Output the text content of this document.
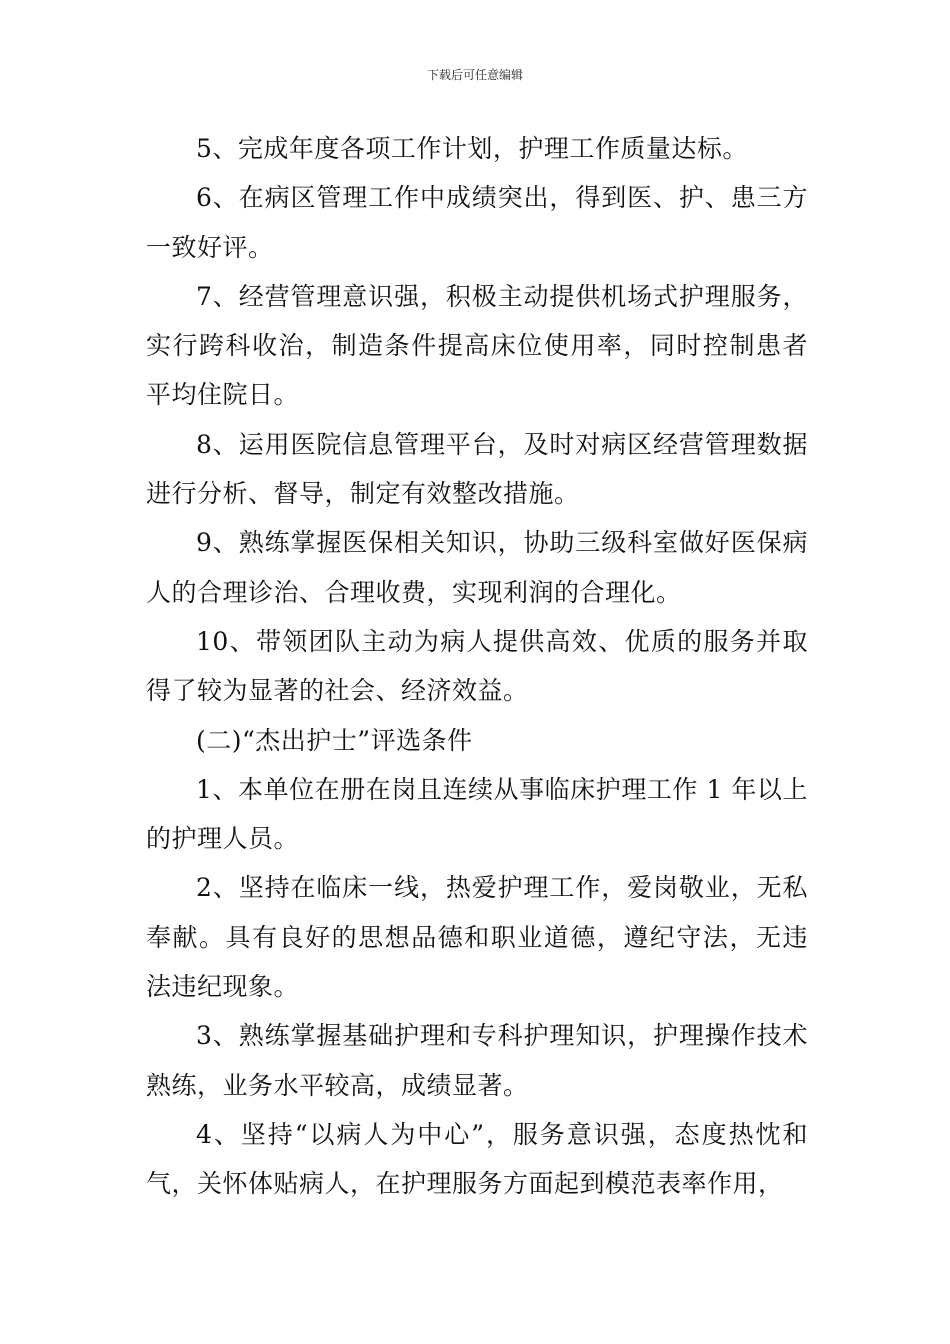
下载后可任意编辑

5、完成年度各项工作计划，护理工作质量达标。

6、在病区管理工作中成绩突出，得到医、护、患三方一致好评。

7、经营管理意识强，积极主动提供机场式护理服务，实行跨科收治，制造条件提高床位使用率，同时控制患者平均住院日。

8、运用医院信息管理平台，及时对病区经营管理数据进行分析、督导，制定有效整改措施。

9、熟练掌握医保相关知识，协助三级科室做好医保病人的合理诊治、合理收费，实现利润的合理化。

10、带领团队主动为病人提供高效、优质的服务并取得了较为显著的社会、经济效益。

(二)“杰出护士”评选条件

1、本单位在册在岗且连续从事临床护理工作 1 年以上的护理人员。

2、坚持在临床一线，热爱护理工作，爱岗敬业，无私奉献。具有良好的思想品德和职业道德，遵纪守法，无违法违纪现象。

3、熟练掌握基础护理和专科护理知识，护理操作技术熟练，业务水平较高，成绩显著。

4、坚持“以病人为中心”，服务意识强，态度热忱和气，关怀体贴病人，在护理服务方面起到模范表率作用，
